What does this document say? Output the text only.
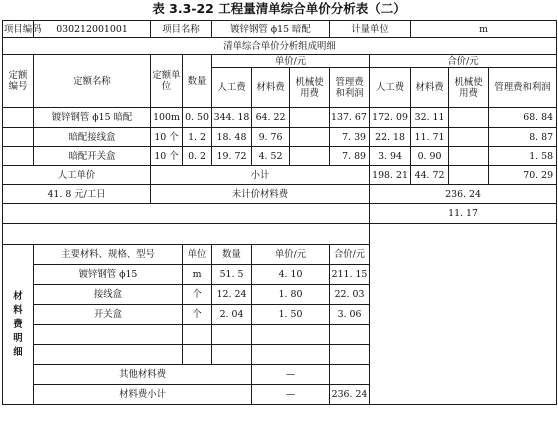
表 3.3-22 工程量清单综合单价分析表（二）
项目编码	030212001001	项目名称		镀锌钢管 ϕ15 暗配			计量单位		m		
清单综合单价分析组成明细											
定额编号	定额名称	定额单位	数量	单价/元				合价/元			
				人工费	材料费	机械使用费	管理费和利润	人工费	材料费	机械使用费	管理费和利润
	镀锌钢管 ϕ15 暗配	100m	0. 50	344. 18	64. 22		137. 67	172. 09	32. 11		68. 84
	暗配接线盒	10 个	1. 2	18. 48	9. 76		7. 39	22. 18	11. 71		8. 87
	暗配开关盒	10 个	0. 2	19. 72	4. 52		7. 89	3. 94	0. 90		1. 58
人工单价		小计						198. 21	44. 72		70. 29
41. 8 元/工日		未计价材料费						236. 24			
								11. 17			

材
料
费
明
细	主要材料、规格、型号		单位	数量	单价/元		合价/元				
	镀锌钢管 ϕ15		m	51. 5	4. 10		211. 15				
	接线盒		个	12. 24	1. 80		22. 03				
	开关盒		个	2. 04	1. 50		3. 06				

	其他材料费				—						
	材料费小计				—		236. 24				
